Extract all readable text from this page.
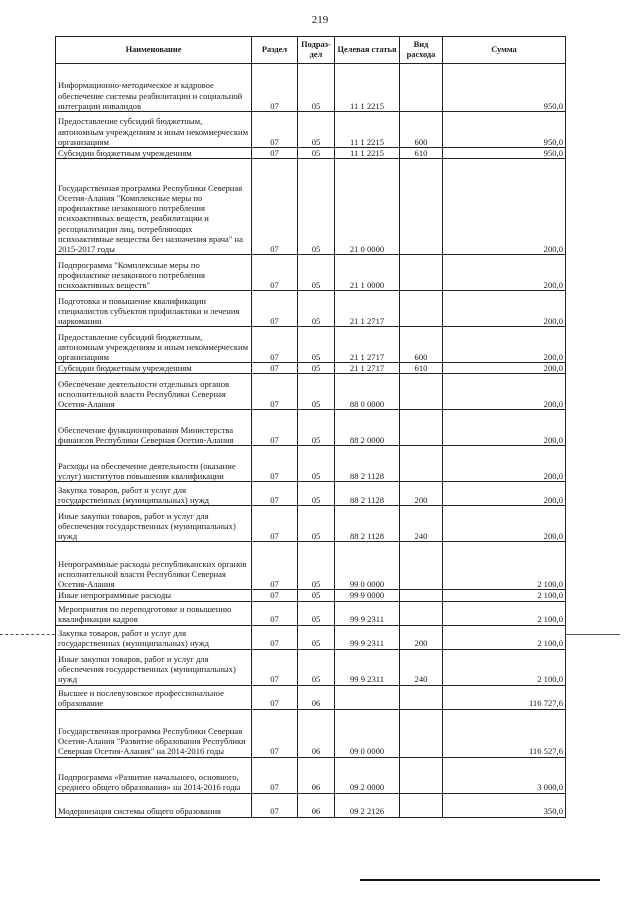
219
Наименование	Раздел	Подраз-дел	Целевая статья	Вид расхода	Сумма
Информационно-методическое и кадровое обеспечение системы реабилитации и социальной интеграции инвалидов	07	05	11 1 2215		950,0
Предоставление субсидий бюджетным, автономным учреждениям и иным некоммерческим организациям	07	05	11 1 2215	600	950,0
Субсидии бюджетным учреждениям	07	05	11 1 2215	610	950,0
Государственная программа Республики Северная Осетия-Алания "Комплексные меры по профилактике незаконного потребления психоактивных веществ, реабилитации и ресоциализации лиц, потребляющих психоактивные вещества без назначения врача" на 2015-2017 годы	07	05	21 0 0000		200,0
Подпрограмма "Комплексные меры по профилактике незаконного потребления психоактивных веществ"	07	05	21 1 0000		200,0
Подготовка и повышение квалификации специалистов субъектов профилактики и лечения наркомании	07	05	21 1 2717		200,0
Предоставление субсидий бюджетным, автономным учреждениям и иным некоммерческим организациям	07	05	21 1 2717	600	200,0
Субсидии бюджетным учреждениям	07	05	21 1 2717	610	200,0
Обеспечение деятельности отдельных органов исполнительной власти Республики Северная Осетия-Алания	07	05	88 0 0000		200,0
Обеспечение функционирования Министерства финансов Республики Северная Осетия-Алания	07	05	88 2 0000		200,0
Расходы на обеспечение деятельности (оказание услуг) институтов повышения квалификации	07	05	88 2 1128		200,0
Закупка товаров, работ и услуг для государственных (муниципальных) нужд	07	05	88 2 1128	200	200,0
Иные закупки товаров, работ и услуг для обеспечения государственных (муниципальных) нужд	07	05	88 2 1128	240	200,0
Непрограммные расходы республиканских органов исполнительной власти Республики Северная Осетия-Алания	07	05	99 0 0000		2 100,0
Иные непрограммные расходы	07	05	99 9 0000		2 100,0
Мероприятия по переподготовке и повышению квалификации кадров	07	05	99 9 2311		2 100,0
Закупка товаров, работ и услуг для государственных (муниципальных) нужд	07	05	99 9 2311	200	2 100,0
Иные закупки товаров, работ и услуг для обеспечения государственных (муниципальных) нужд	07	05	99 9 2311	240	2 100,0
Высшее и послевузовское профессиональное образование	07	06			116 727,6
Государственная программа Республики Северная Осетия-Алания "Развитие образования Республики Северная Осетия-Алания" на 2014-2016 годы	07	06	09 0 0000		116 527,6
Подпрограмма «Развитие начального, основного, среднего общего образования» на 2014-2016 годы	07	06	09 2 0000		3 000,0
Модернизация системы общего образования	07	06	09 2 2126		350,0
